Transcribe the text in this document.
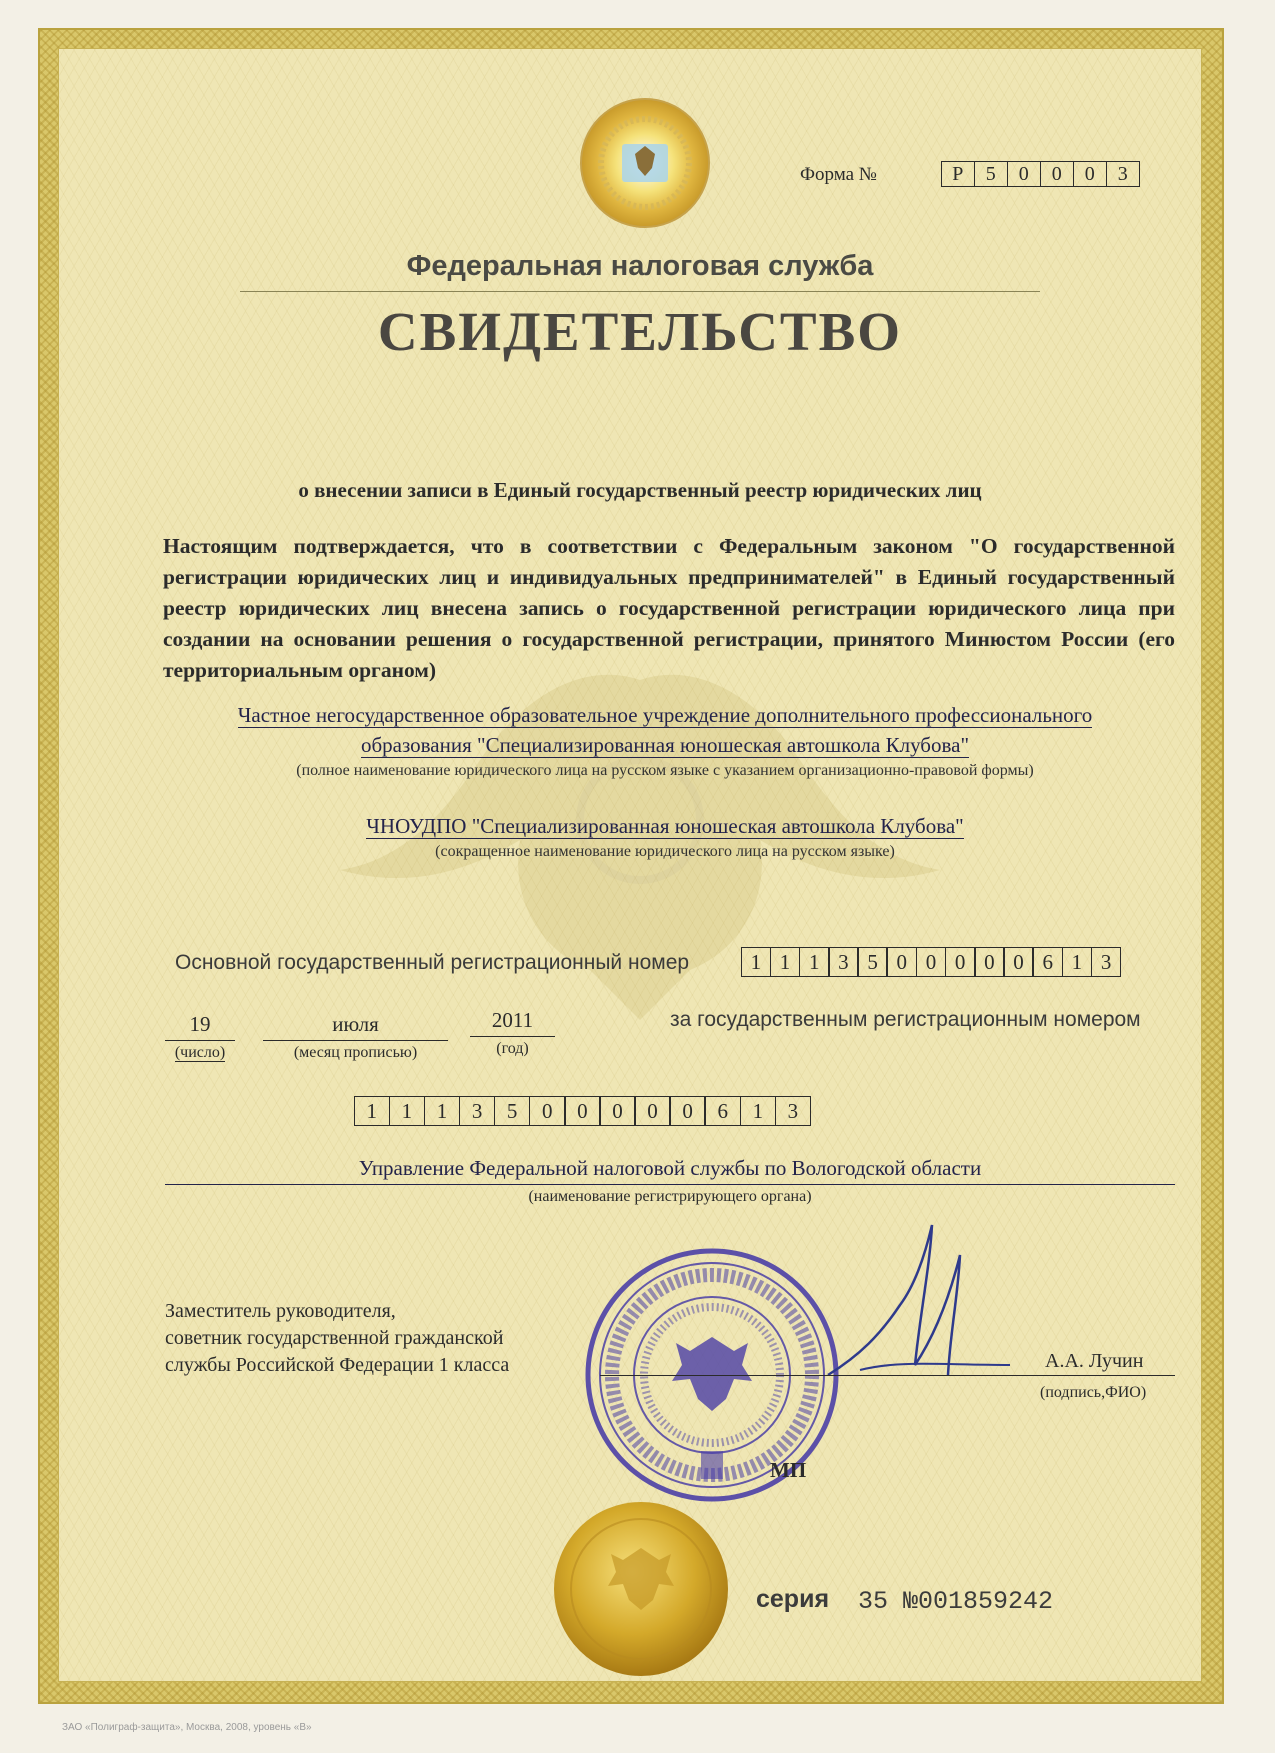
Форма №	Р	5	0	0	0	3
Федеральная налоговая служба
СВИДЕТЕЛЬСТВО
о внесении записи в Единый государственный реестр юридических лиц
Настоящим подтверждается, что в соответствии с Федеральным законом "О государственной регистрации юридических лиц и индивидуальных предпринимателей" в Единый государственный реестр юридических лиц внесена запись о государственной регистрации юридического лица при создании на основании решения о государственной регистрации, принятого Минюстом России (его территориальным органом)
Частное негосударственное образовательное учреждение дополнительного профессионального
образования "Специализированная юношеская автошкола Клубова"
(полное наименование юридического лица на русском языке с указанием организационно-правовой формы)
ЧНОУДПО "Специализированная юношеская автошкола Клубова"
(сокращенное наименование юридического лица на русском языке)
Основной государственный регистрационный номер	1 1 1 3 5 0 0 0 0 0 6 1 3
19
(число)
июля
(месяц прописью)
2011
(год)
за государственным регистрационным номером
1	1	1	3	5	0	0	0	0	0	6	1	3
Управление Федеральной налоговой службы по Вологодской области
(наименование регистрирующего органа)
Заместитель руководителя,
советник государственной гражданской
службы Российской Федерации 1 класса	А.А. Лучин
(подпись,ФИО)
МП
серия 35 №001859242
ЗАО «Полиграф-защита», Москва, 2008, уровень «В»
